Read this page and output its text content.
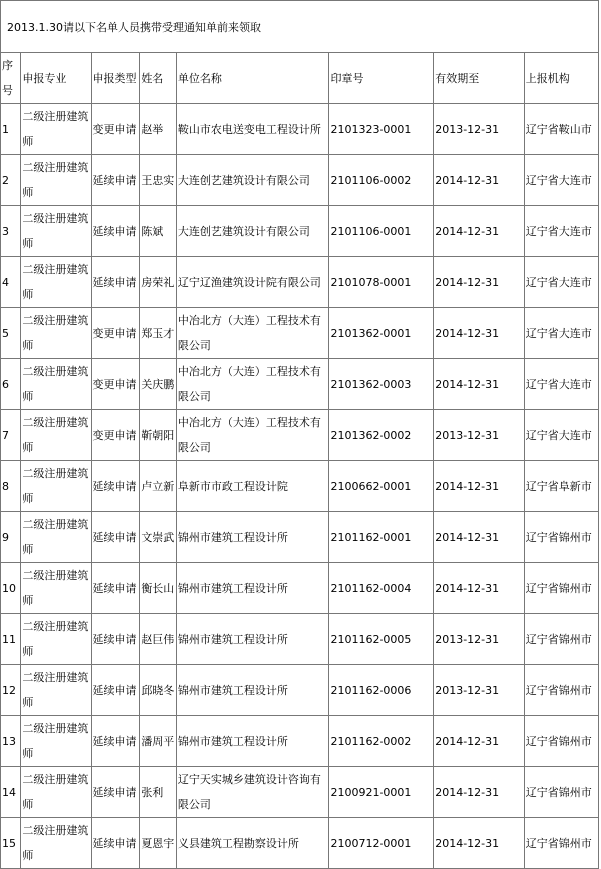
2013.1.30请以下名单人员携带受理通知单前来领取
序号	申报专业	申报类型	姓名	单位名称	印章号	有效期至	上报机构
1	二级注册建筑师	变更申请	赵举	鞍山市农电送变电工程设计所	2101323-0001	2013-12-31	辽宁省鞍山市
2	二级注册建筑师	延续申请	王忠实	大连创艺建筑设计有限公司	2101106-0002	2014-12-31	辽宁省大连市
3	二级注册建筑师	延续申请	陈斌	大连创艺建筑设计有限公司	2101106-0001	2014-12-31	辽宁省大连市
4	二级注册建筑师	延续申请	房荣礼	辽宁辽渔建筑设计院有限公司	2101078-0001	2014-12-31	辽宁省大连市
5	二级注册建筑师	变更申请	郑玉才	中冶北方（大连）工程技术有限公司	2101362-0001	2014-12-31	辽宁省大连市
6	二级注册建筑师	变更申请	关庆鹏	中冶北方（大连）工程技术有限公司	2101362-0003	2014-12-31	辽宁省大连市
7	二级注册建筑师	变更申请	靳朝阳	中冶北方（大连）工程技术有限公司	2101362-0002	2013-12-31	辽宁省大连市
8	二级注册建筑师	延续申请	卢立新	阜新市市政工程设计院	2100662-0001	2014-12-31	辽宁省阜新市
9	二级注册建筑师	延续申请	文崇武	锦州市建筑工程设计所	2101162-0001	2014-12-31	辽宁省锦州市
10	二级注册建筑师	延续申请	衡长山	锦州市建筑工程设计所	2101162-0004	2014-12-31	辽宁省锦州市
11	二级注册建筑师	延续申请	赵巨伟	锦州市建筑工程设计所	2101162-0005	2013-12-31	辽宁省锦州市
12	二级注册建筑师	延续申请	邱晓冬	锦州市建筑工程设计所	2101162-0006	2013-12-31	辽宁省锦州市
13	二级注册建筑师	延续申请	潘周平	锦州市建筑工程设计所	2101162-0002	2014-12-31	辽宁省锦州市
14	二级注册建筑师	延续申请	张利	辽宁天实城乡建筑设计咨询有限公司	2100921-0001	2014-12-31	辽宁省锦州市
15	二级注册建筑师	延续申请	夏恩宇	义县建筑工程勘察设计所	2100712-0001	2014-12-31	辽宁省锦州市
